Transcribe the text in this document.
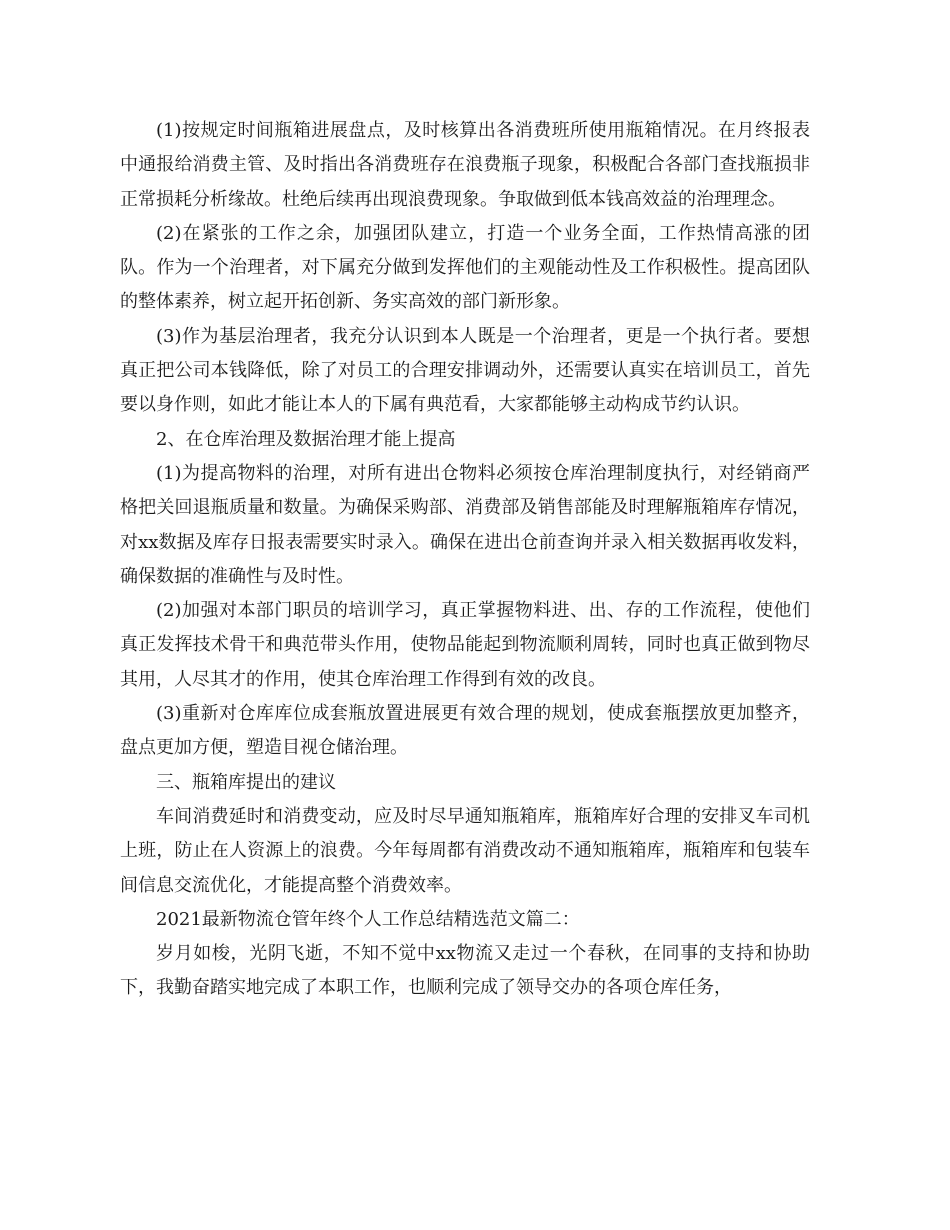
(1)按规定时间瓶箱进展盘点，及时核算出各消费班所使用瓶箱情况。在月终报表中通报给消费主管、及时指出各消费班存在浪费瓶子现象，积极配合各部门查找瓶损非正常损耗分析缘故。杜绝后续再出现浪费现象。争取做到低本钱高效益的治理理念。

(2)在紧张的工作之余，加强团队建立，打造一个业务全面，工作热情高涨的团队。作为一个治理者，对下属充分做到发挥他们的主观能动性及工作积极性。提高团队的整体素养，树立起开拓创新、务实高效的部门新形象。

(3)作为基层治理者，我充分认识到本人既是一个治理者，更是一个执行者。要想真正把公司本钱降低，除了对员工的合理安排调动外，还需要认真实在培训员工，首先要以身作则，如此才能让本人的下属有典范看，大家都能够主动构成节约认识。

2、在仓库治理及数据治理才能上提高

(1)为提高物料的治理，对所有进出仓物料必须按仓库治理制度执行，对经销商严格把关回退瓶质量和数量。为确保采购部、消费部及销售部能及时理解瓶箱库存情况，对xx数据及库存日报表需要实时录入。确保在进出仓前查询并录入相关数据再收发料，确保数据的准确性与及时性。

(2)加强对本部门职员的培训学习，真正掌握物料进、出、存的工作流程，使他们真正发挥技术骨干和典范带头作用，使物品能起到物流顺利周转，同时也真正做到物尽其用，人尽其才的作用，使其仓库治理工作得到有效的改良。

(3)重新对仓库库位成套瓶放置进展更有效合理的规划，使成套瓶摆放更加整齐，盘点更加方便，塑造目视仓储治理。

三、瓶箱库提出的建议

车间消费延时和消费变动，应及时尽早通知瓶箱库，瓶箱库好合理的安排叉车司机上班，防止在人资源上的浪费。今年每周都有消费改动不通知瓶箱库，瓶箱库和包装车间信息交流优化，才能提高整个消费效率。

2021最新物流仓管年终个人工作总结精选范文篇二：

岁月如梭，光阴飞逝，不知不觉中xx物流又走过一个春秋，在同事的支持和协助下，我勤奋踏实地完成了本职工作，也顺利完成了领导交办的各项仓库任务，
